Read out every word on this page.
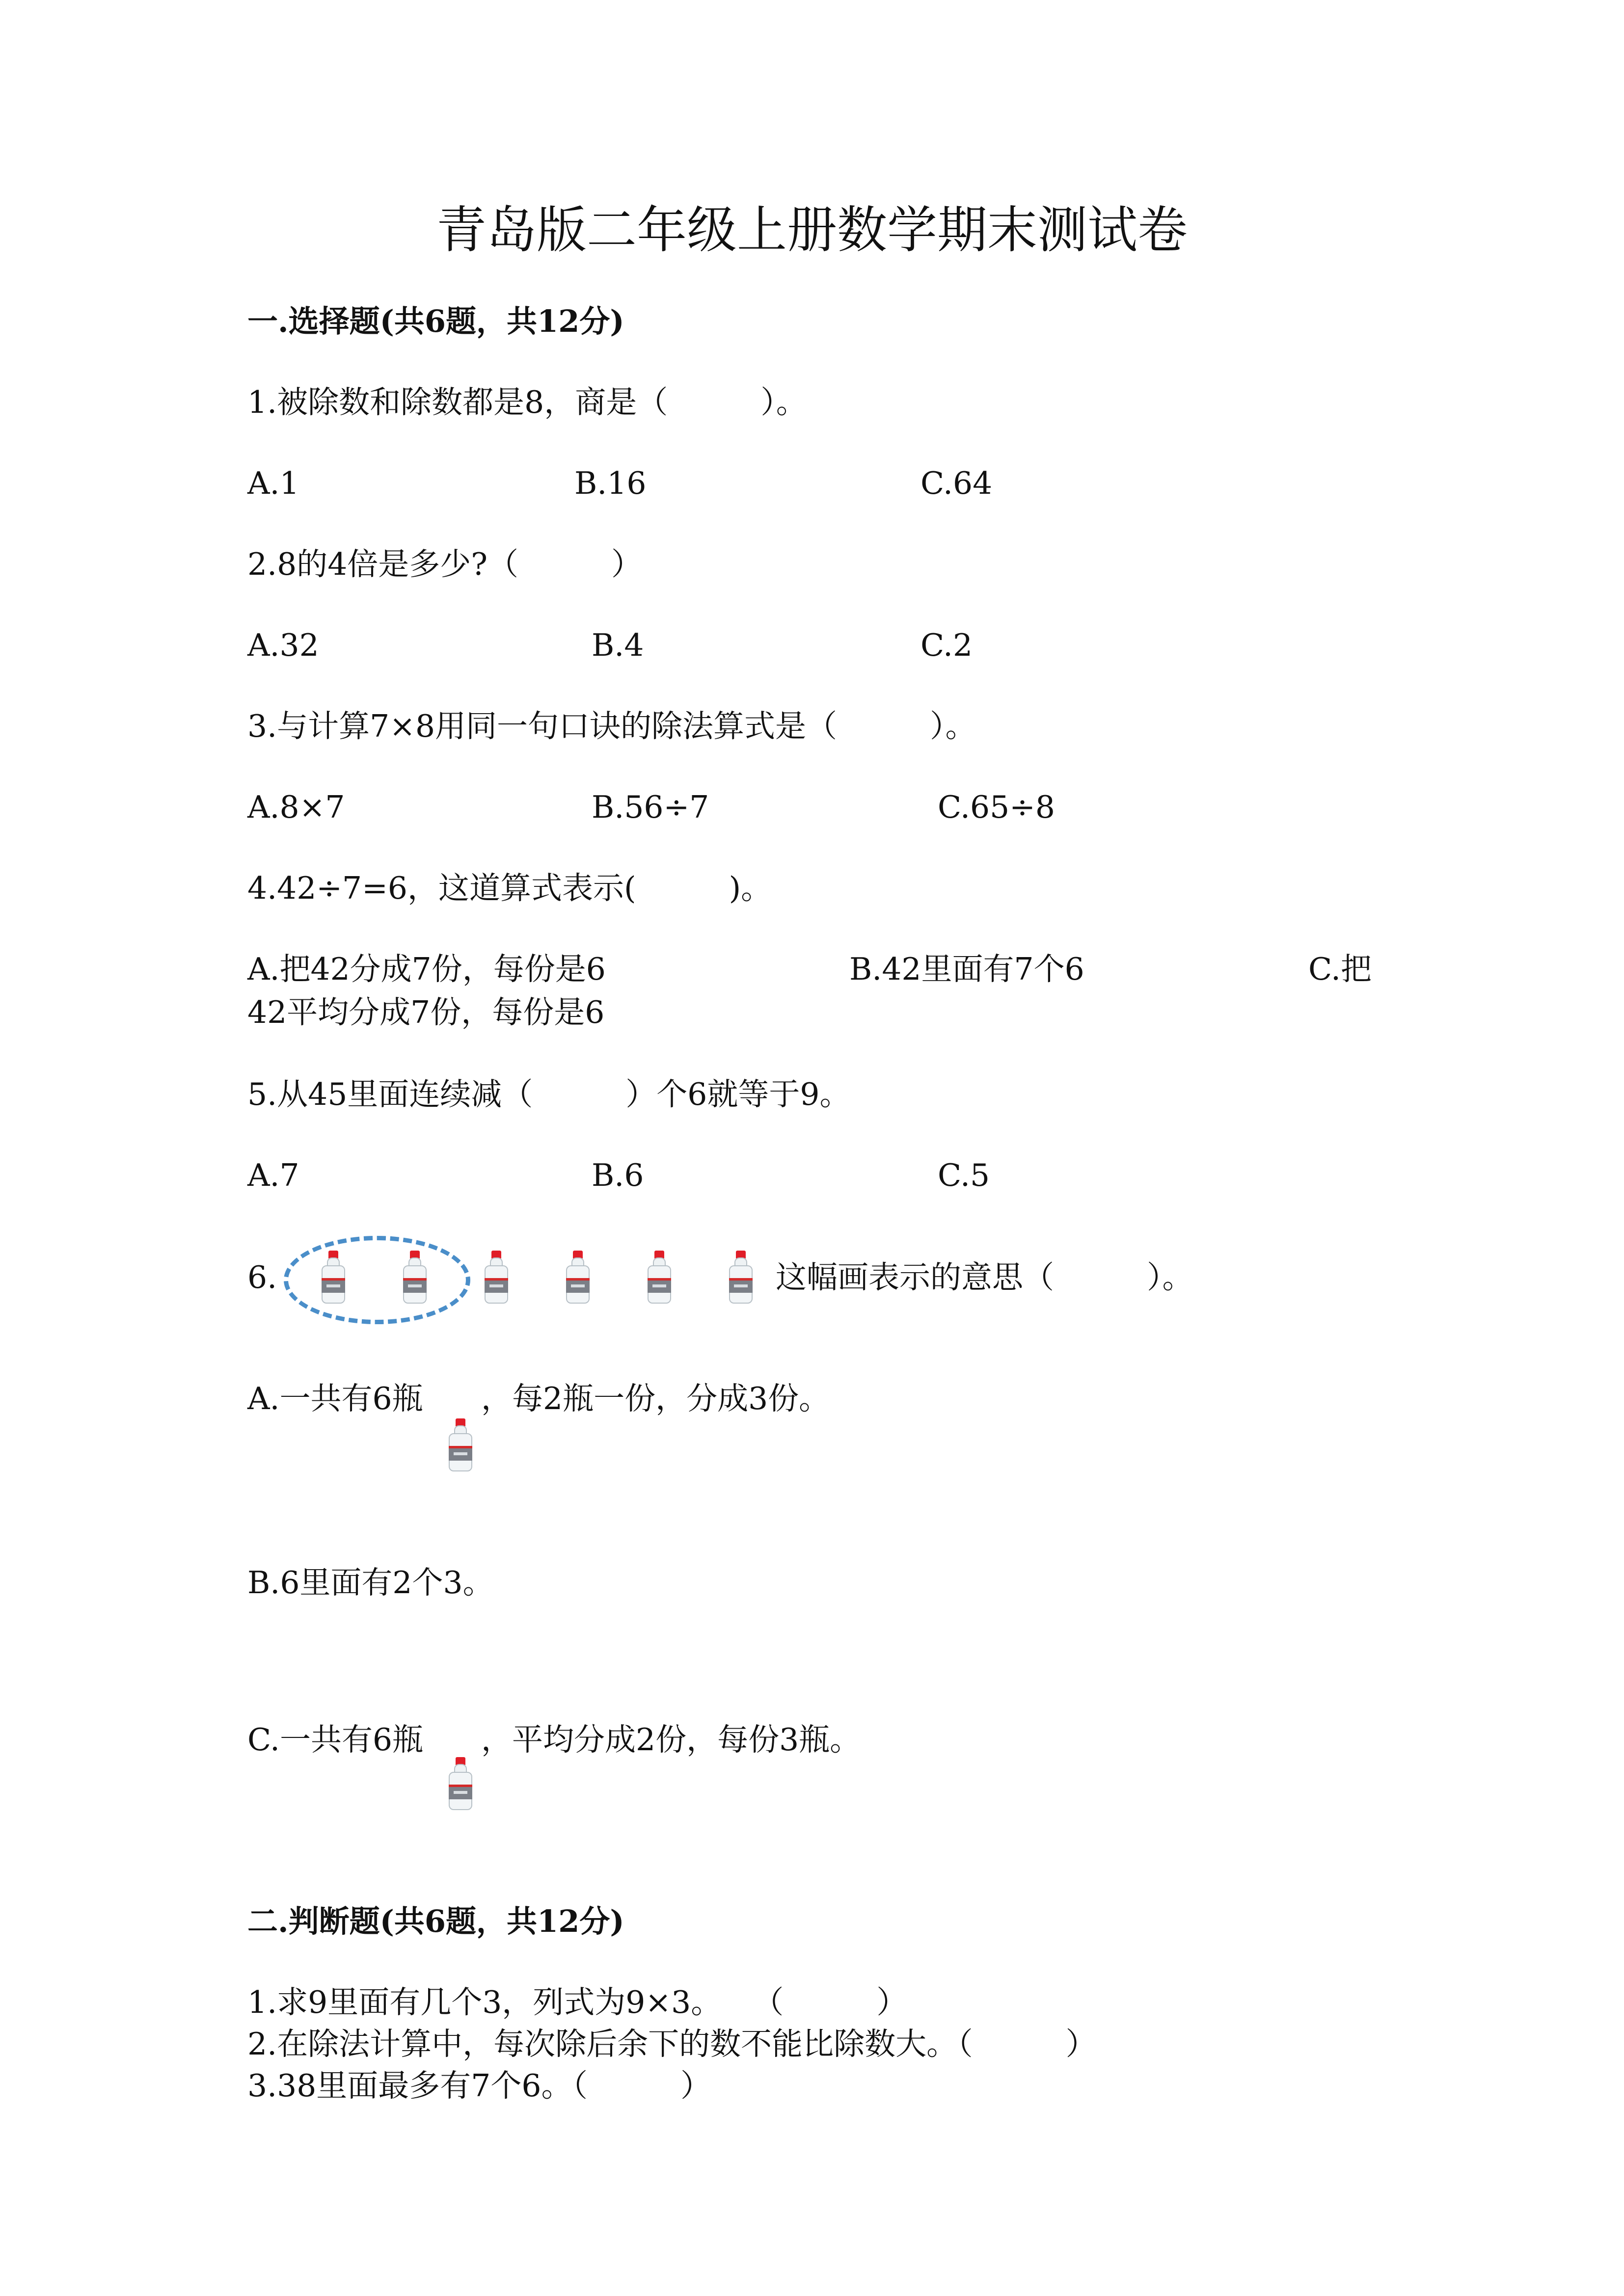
青岛版二年级上册数学期末测试卷
一.选择题(共6题，共12分)
1.被除数和除数都是8，商是（　　　）。
A.1	B.16	C.64
2.8的4倍是多少?（　　　）
A.32	B.4	C.2
3.与计算7×8用同一句口诀的除法算式是（　　　）。
A.8×7	B.56÷7	C.65÷8
4.42÷7=6，这道算式表示(　　　)。
A.把42分成7份，每份是6	B.42里面有7个6	C.把
42平均分成7份，每份是6
5.从45里面连续减（　　　）个6就等于9。
A.7	B.6	C.5
6.	这幅画表示的意思（　　　）。
A.一共有6瓶 ，每2瓶一份，分成3份。
B.6里面有2个3。
C.一共有6瓶 ，平均分成2份，每份3瓶。
二.判断题(共6题，共12分)
1.求9里面有几个3，列式为9×3。　　（　　　）
2.在除法计算中，每次除后余下的数不能比除数大。（　　　）
3.38里面最多有7个6。（　　　）
